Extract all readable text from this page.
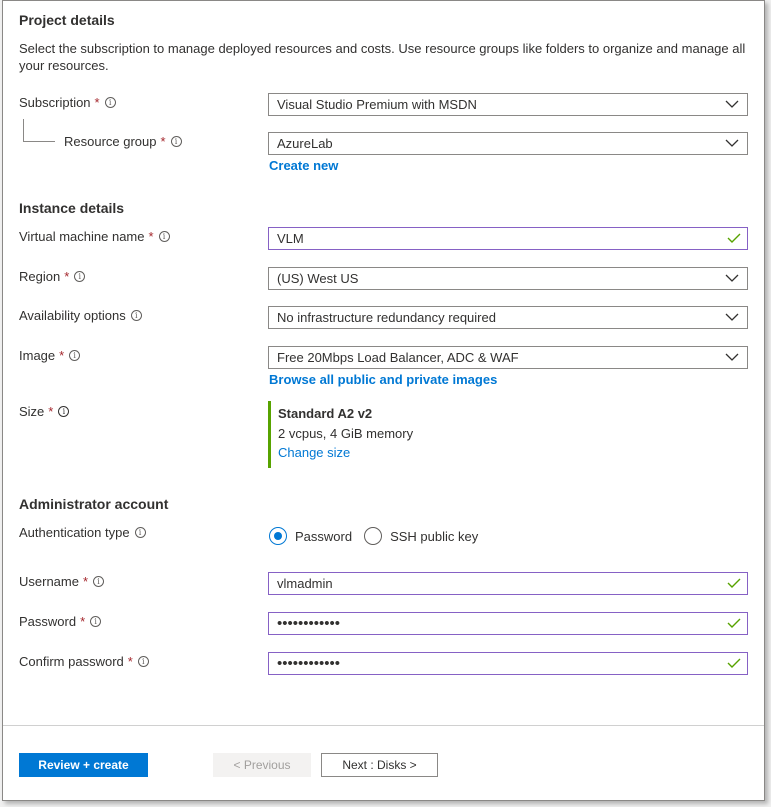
Project details
Select the subscription to manage deployed resources and costs. Use resource groups like folders to organize and manage all your resources.
Subscription *	i	Visual Studio Premium with MSDN
Resource group *	i	AzureLab
Create new
Instance details
Virtual machine name *	i	VLM
Region *	i	(US) West US
Availability options	i	No infrastructure redundancy required
Image *	i	Free 20Mbps Load Balancer, ADC & WAF
Browse all public and private images
Size *	i	Standard A2 v2
2 vcpus, 4 GiB memory
Change size
Administrator account
Authentication type	i	Password	SSH public key
Username *	i	vlmadmin
Password *	i	••••••••••••
Confirm password *	i	••••••••••••
Review + create	< Previous	Next : Disks >
